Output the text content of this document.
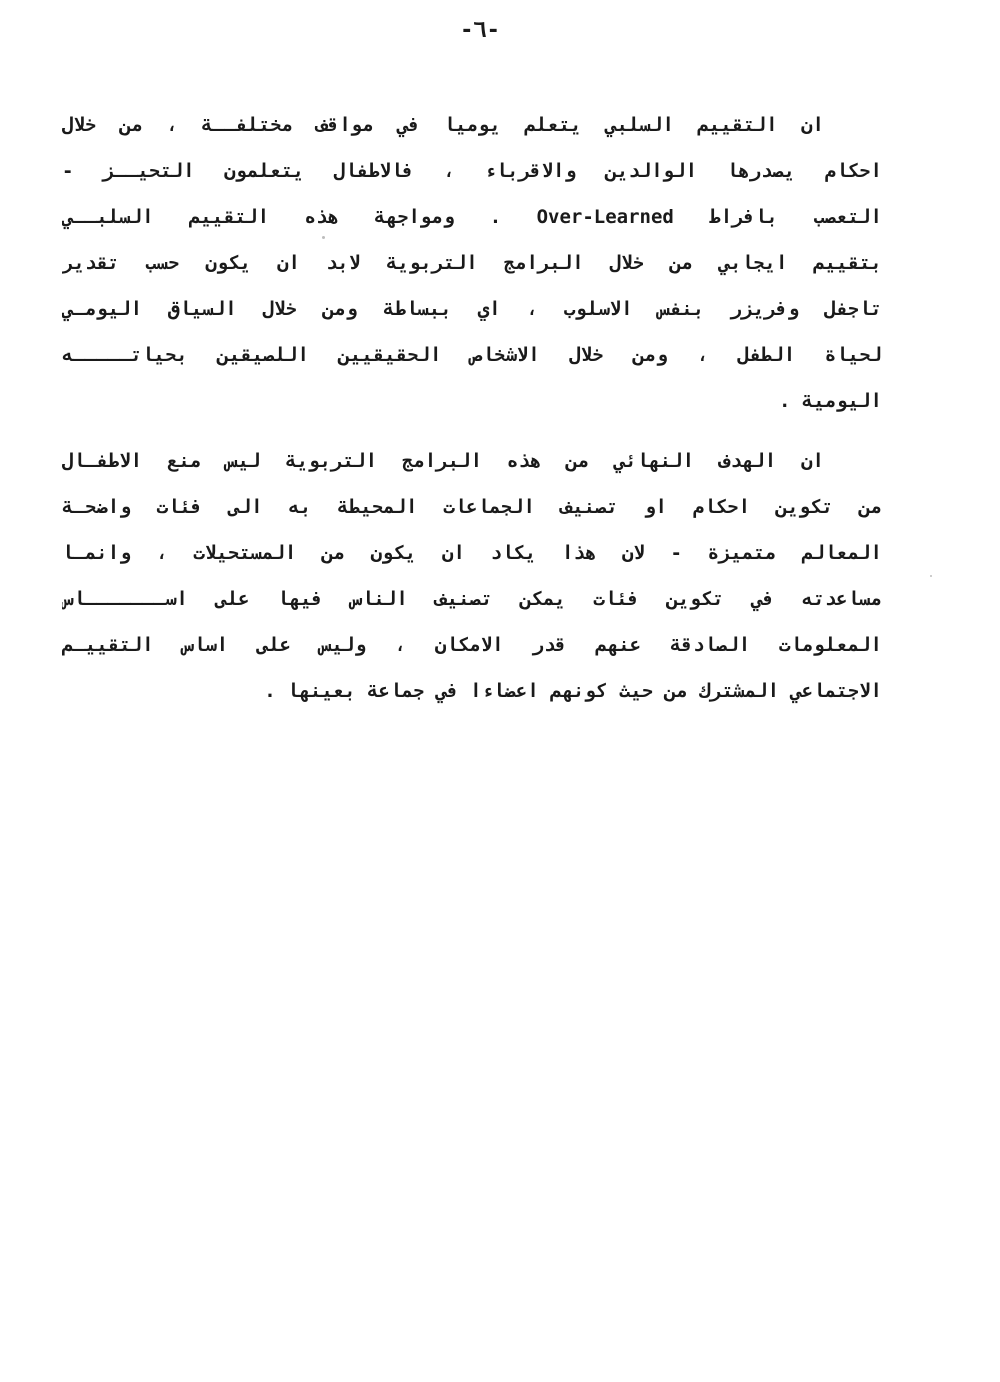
-٦-
ان التقييم السلبي يتعلم يوميا في مواقف مختلفــة ، من خلال
احكام يصدرها الوالدين والاقرباء ، فالاطفال يتعلمون التحيــز -
التعصب بافراط Over-Learned . ومواجهة هذه التقييم السلبــي
بتقييم ايجابي من خلال البرامج التربوية لابد ان يكون حسب تقدير
تاجفل وفريزر بنفس الاسلوب ، اي ببساطة ومن خلال السياق اليومـي
لحياة الطفل ، ومن خلال الاشخاص الحقيقيين اللصيقين بحياتـــــه
اليومية .
ان الهدف النهائي من هذه البرامج التربوية ليس منع الاطفـال
من تكوين احكام او تصنيف الجماعات المحيطة به الى فئات واضحـة
المعالم متميزة - لان هذا يكاد ان يكون من المستحيلات ، وانمـا
مساعدته في تكوين فئات يمكن تصنيف الناس فيها على اســـــــاس
المعلومات الصادقة عنهم قدر الامكان ، وليس على اساس التقييـم
الاجتماعي المشترك من حيث كونهم اعضاءا في جماعة بعينها .
